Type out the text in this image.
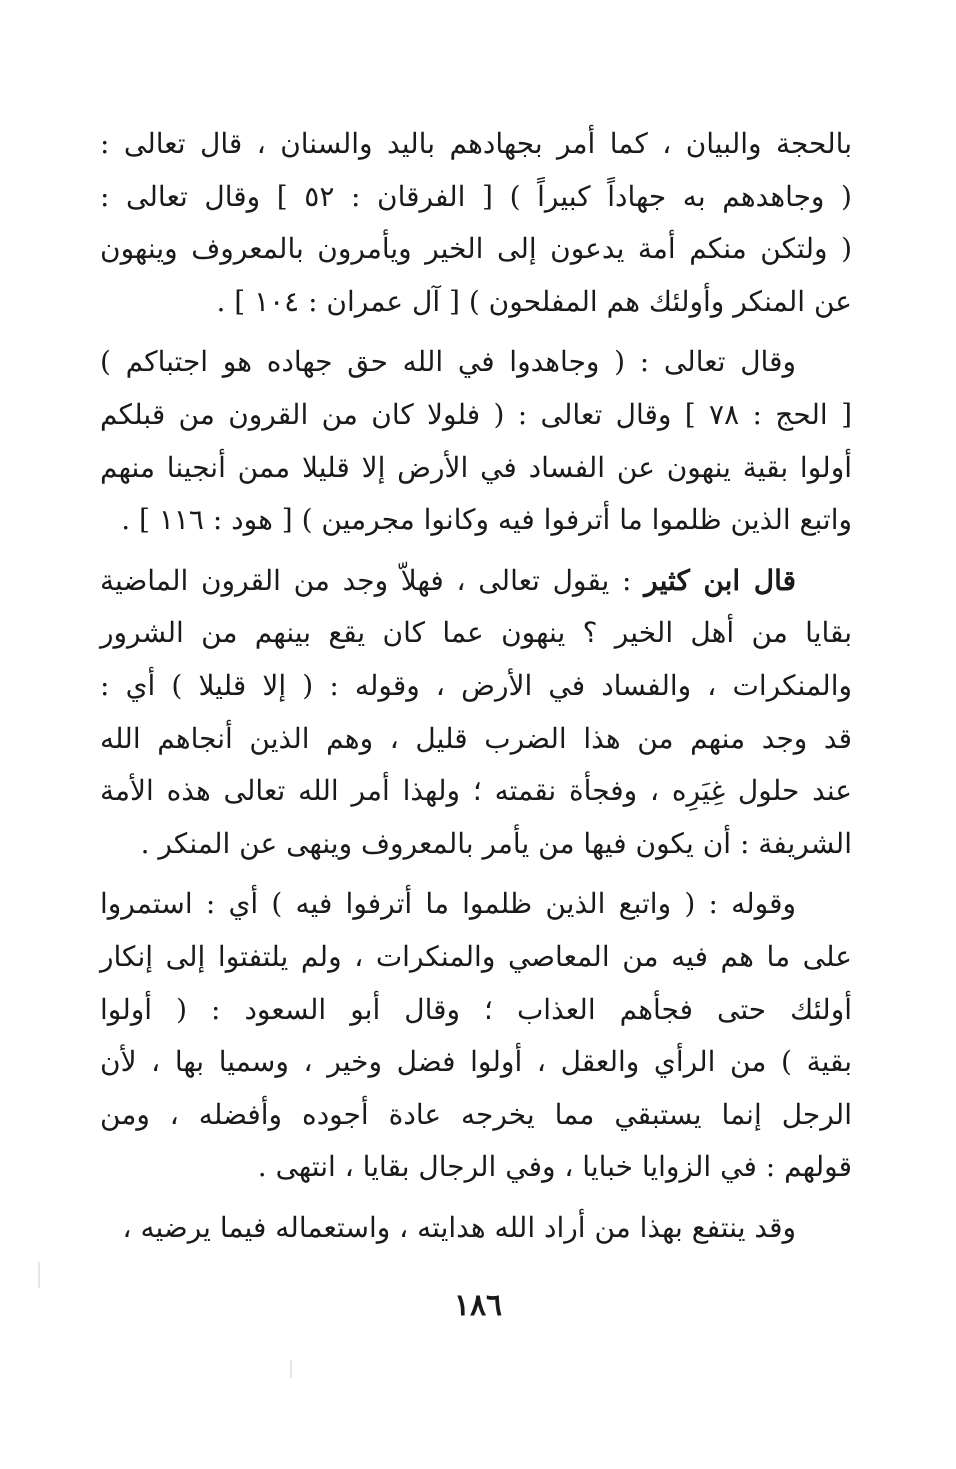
بالحجة والبيان ، كما أمر بجهادهم باليد والسنان ، قال تعالى :
( وجاهدهم به جهاداً كبيراً ) [ الفرقان : ٥٢ ] وقال تعالى :
( ولتكن منكم أمة يدعون إلى الخير ويأمرون بالمعروف وينهون
عن المنكر وأولئك هم المفلحون ) [ آل عمران : ١٠٤ ] .
وقال تعالى : ( وجاهدوا في الله حق جهاده هو اجتباكم )
[ الحج : ٧٨ ] وقال تعالى : ( فلولا كان من القرون من قبلكم
أولوا بقية ينهون عن الفساد في الأرض إلا قليلا ممن أنجينا منهم
واتبع الذين ظلموا ما أترفوا فيه وكانوا مجرمين ) [ هود : ١١٦ ] .
قال ابن كثير : يقول تعالى ، فهلاّ وجد من القرون الماضية
بقايا من أهل الخير ؟ ينهون عما كان يقع بينهم من الشرور
والمنكرات ، والفساد في الأرض ، وقوله : ( إلا قليلا ) أي :
قد وجد منهم من هذا الضرب قليل ، وهم الذين أنجاهم الله
عند حلول غِيَرِه ، وفجأة نقمته ؛ ولهذا أمر الله تعالى هذه الأمة
الشريفة : أن يكون فيها من يأمر بالمعروف وينهى عن المنكر .
وقوله : ( واتبع الذين ظلموا ما أترفوا فيه ) أي : استمروا
على ما هم فيه من المعاصي والمنكرات ، ولم يلتفتوا إلى إنكار
أولئك حتى فجأهم العذاب ؛ وقال أبو السعود : ( أولوا
بقية ) من الرأي والعقل ، أولوا فضل وخير ، وسميا بها ، لأن
الرجل إنما يستبقي مما يخرجه عادة أجوده وأفضله ، ومن
قولهم : في الزوايا خبايا ، وفي الرجال بقايا ، انتهى .
وقد ينتفع بهذا من أراد الله هدايته ، واستعماله فيما يرضيه ،
١٨٦
